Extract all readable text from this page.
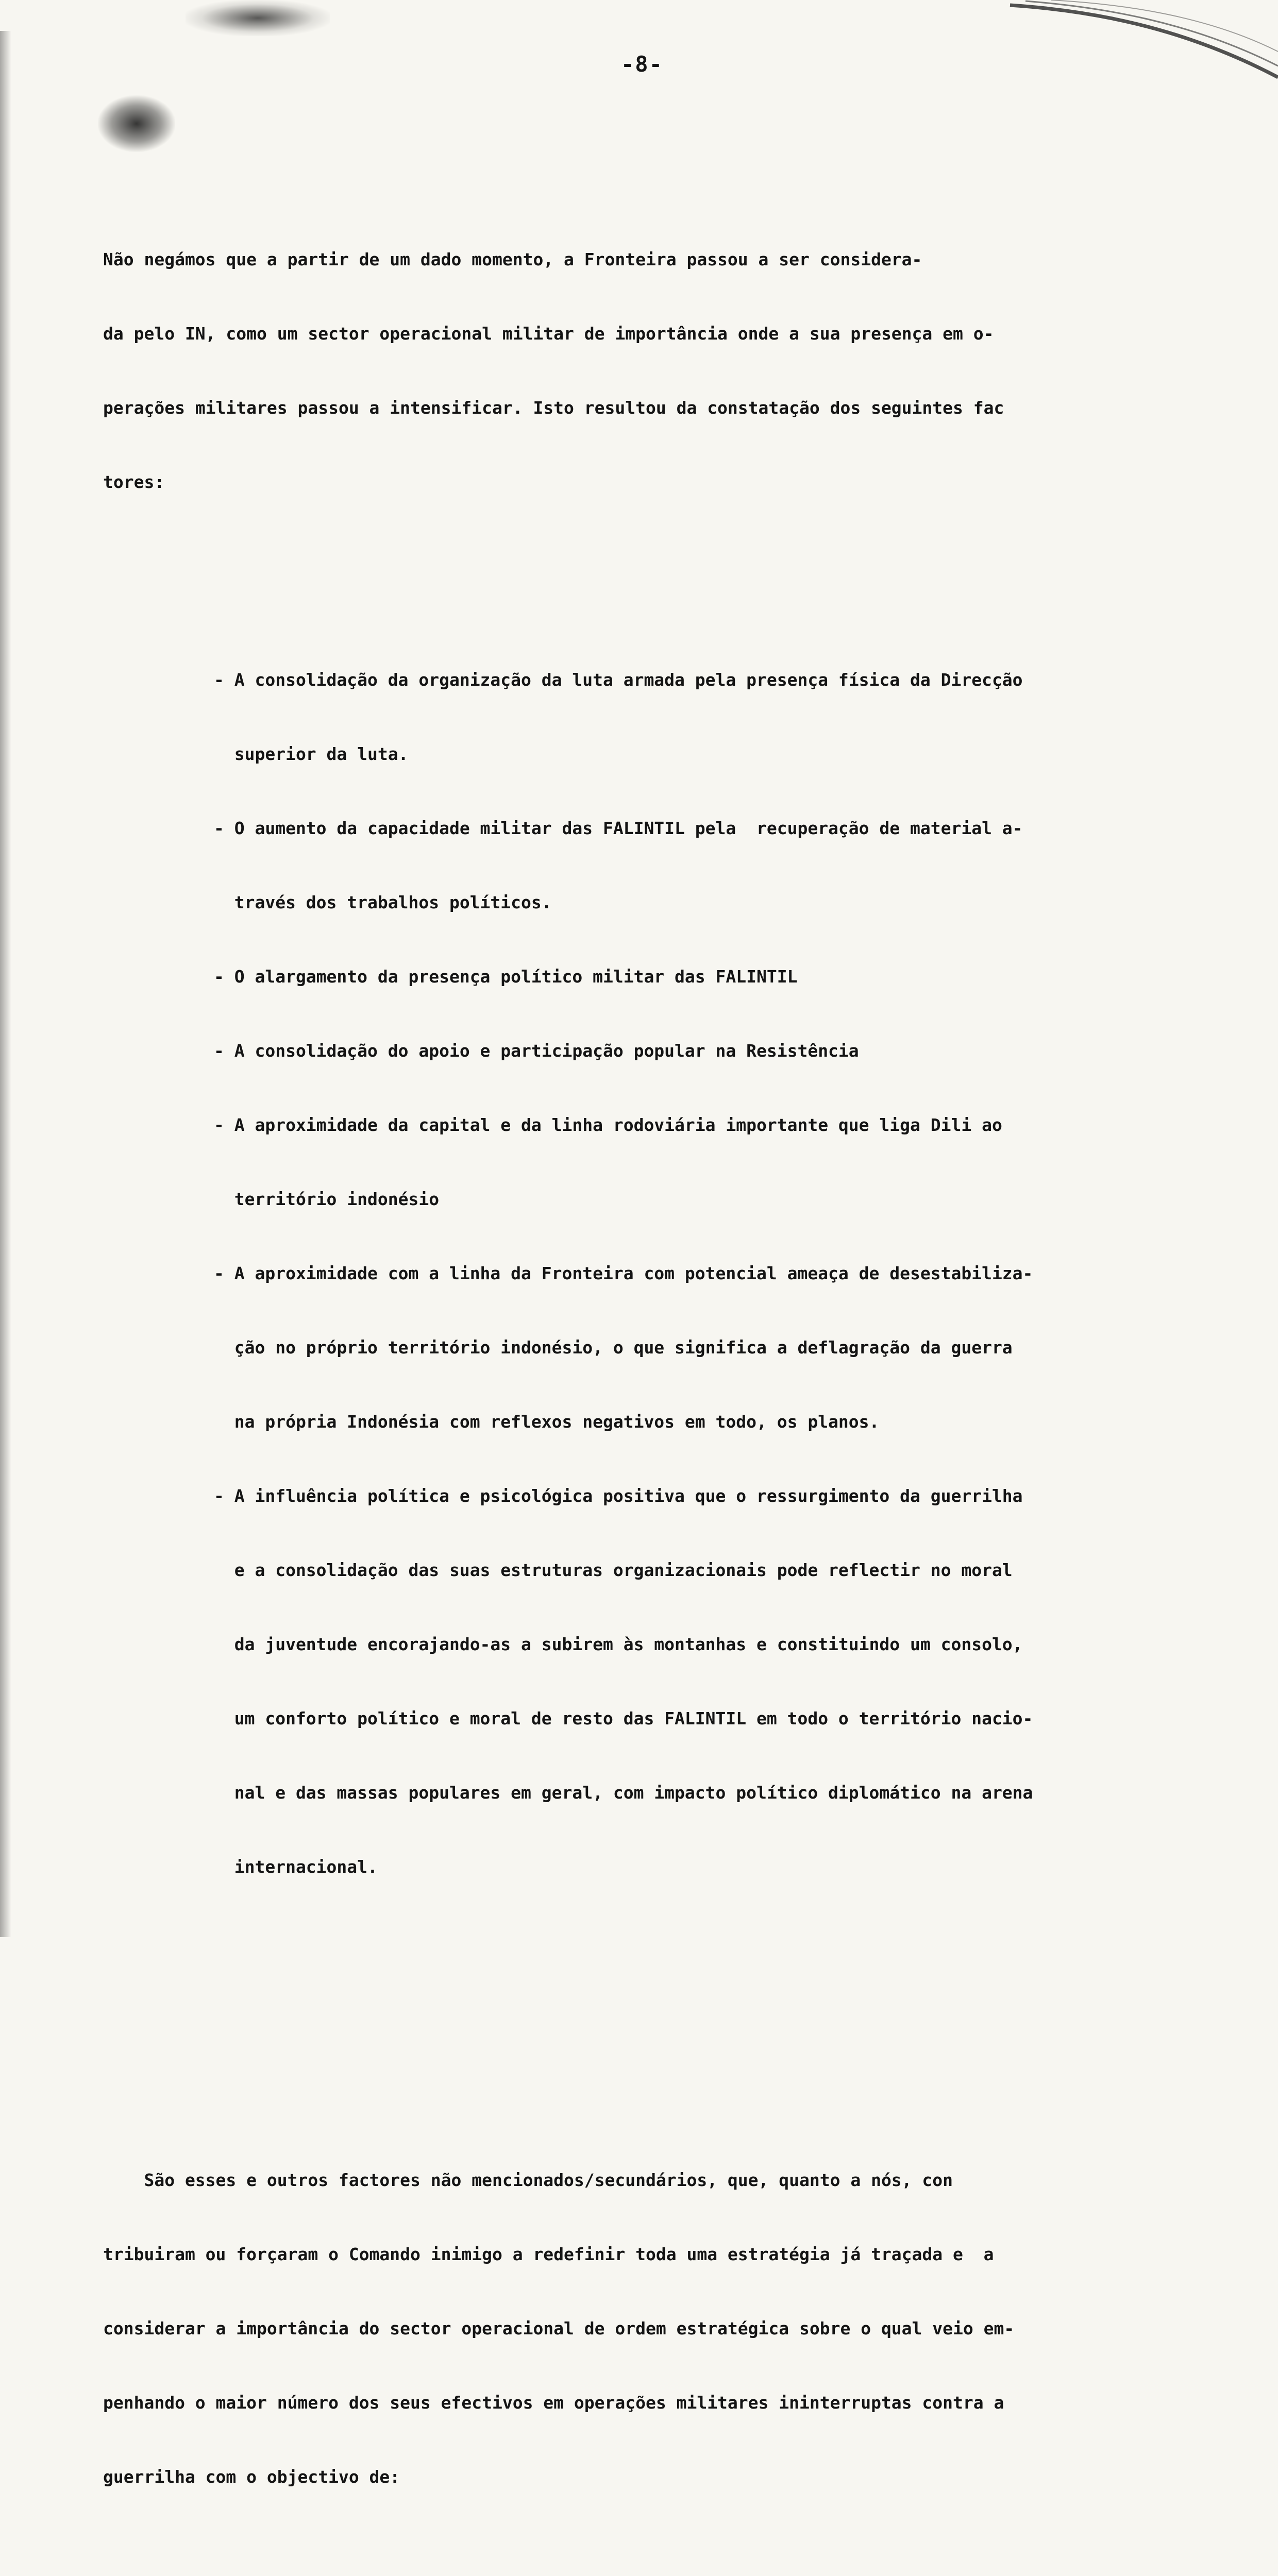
-8-

Não negámos que a partir de um dado momento, a Fronteira passou a ser considera-

da pelo IN, como um sector operacional militar de importância onde a sua presença em o-

perações militares passou a intensificar. Isto resultou da constatação dos seguintes fac

tores:

- A consolidação da organização da luta armada pela presença física da Direcção

superior da luta.

- O aumento da capacidade militar das FALINTIL pela  recuperação de material a-

través dos trabalhos políticos.

- O alargamento da presença político militar das FALINTIL

- A consolidação do apoio e participação popular na Resistência

- A aproximidade da capital e da linha rodoviária importante que liga Dili ao

território indonésio

- A aproximidade com a linha da Fronteira com potencial ameaça de desestabiliza-

ção no próprio território indonésio, o que significa a deflagração da guerra

na própria Indonésia com reflexos negativos em todo, os planos.

- A influência política e psicológica positiva que o ressurgimento da guerrilha

e a consolidação das suas estruturas organizacionais pode reflectir no moral

da juventude encorajando-as a subirem às montanhas e constituindo um consolo,

um conforto político e moral de resto das FALINTIL em todo o território nacio-

nal e das massas populares em geral, com impacto político diplomático na arena

internacional.

São esses e outros factores não mencionados/secundários, que, quanto a nós, con

tribuiram ou forçaram o Comando inimigo a redefinir toda uma estratégia já traçada e  a

considerar a importância do sector operacional de ordem estratégica sobre o qual veio em-

penhando o maior número dos seus efectivos em operações militares ininterruptas contra a

guerrilha com o objectivo de:
